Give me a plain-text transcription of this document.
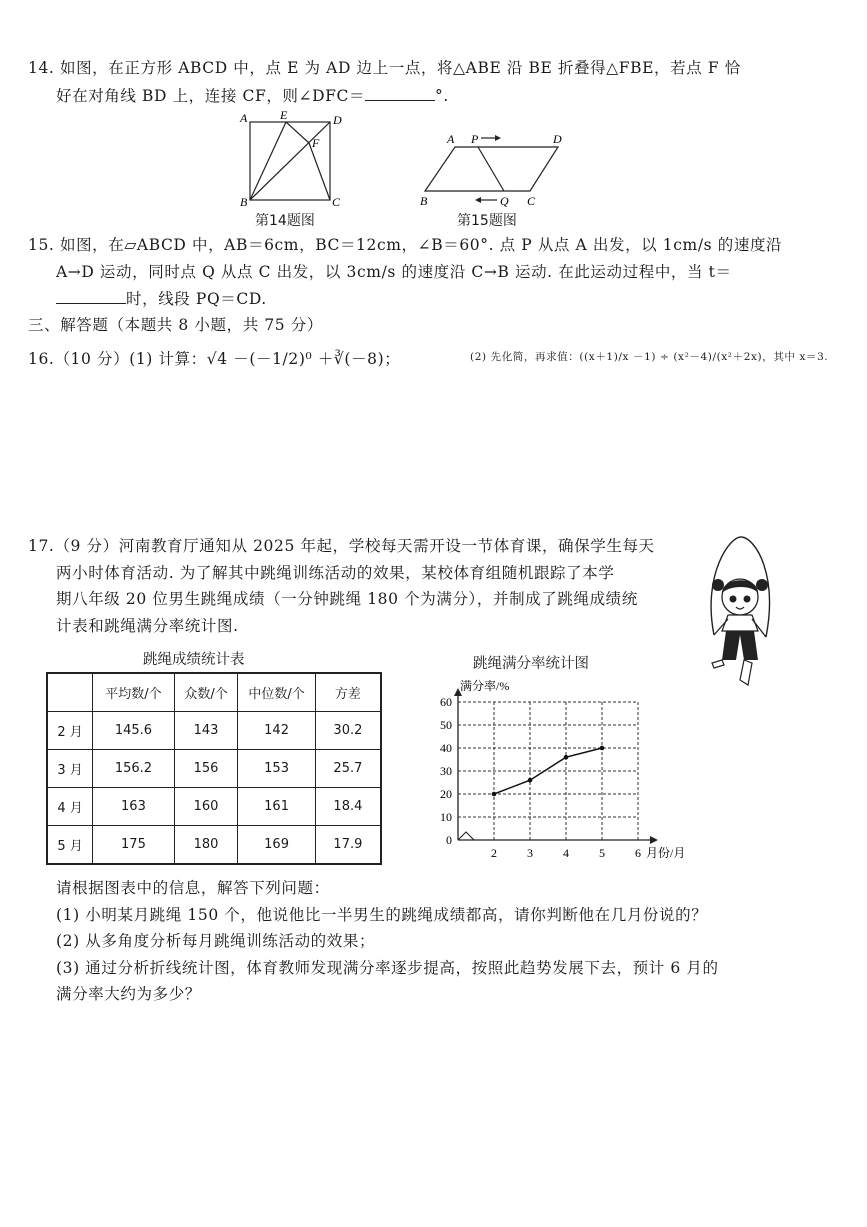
14. 如图，在正方形 ABCD 中，点 E 为 AD 边上一点，将△ABE 沿 BE 折叠得△FBE，若点 F 恰
好在对角线 BD 上，连接 CF，则∠DFC＝	°.
A	E	D
F
B	C
第14题图
A P	D
B	Q C
第15题图
15. 如图，在▱ABCD 中，AB＝6cm，BC＝12cm，∠B＝60°. 点 P 从点 A 出发，以 1cm/s 的速度沿
A→D 运动，同时点 Q 从点 C 出发，以 3cm/s 的速度沿 C→B 运动. 在此运动过程中，当 t＝
时，线段 PQ＝CD.
三、解答题（本题共 8 小题，共 75 分）
16.（10 分）(1) 计算：√4 －(－1/2)⁰ ＋∛(－8)；	(2) 先化简，再求值：((x＋1)/x －1) ÷ (x²－4)/(x²＋2x)，其中 x＝3.
17.（9 分）河南教育厅通知从 2025 年起，学校每天需开设一节体育课，确保学生每天
两小时体育活动. 为了解其中跳绳训练活动的效果，某校体育组随机跟踪了本学
期八年级 20 位男生跳绳成绩（一分钟跳绳 180 个为满分），并制成了跳绳成绩统
计表和跳绳满分率统计图.
跳绳成绩统计表
	平均数/个	众数/个	中位数/个	方差
2 月	145.6	143	142	30.2
3 月	156.2	156	153	25.7
4 月	163	160	161	18.4
5 月	175	180	169	17.9
跳绳满分率统计图
0
10
20
30
40
50
60
2	3	4	5	6
满分率/%
月份/月
请根据图表中的信息，解答下列问题：
(1) 小明某月跳绳 150 个，他说他比一半男生的跳绳成绩都高，请你判断他在几月份说的？
(2) 从多角度分析每月跳绳训练活动的效果；
(3) 通过分析折线统计图，体育教师发现满分率逐步提高，按照此趋势发展下去，预计 6 月的
满分率大约为多少？
